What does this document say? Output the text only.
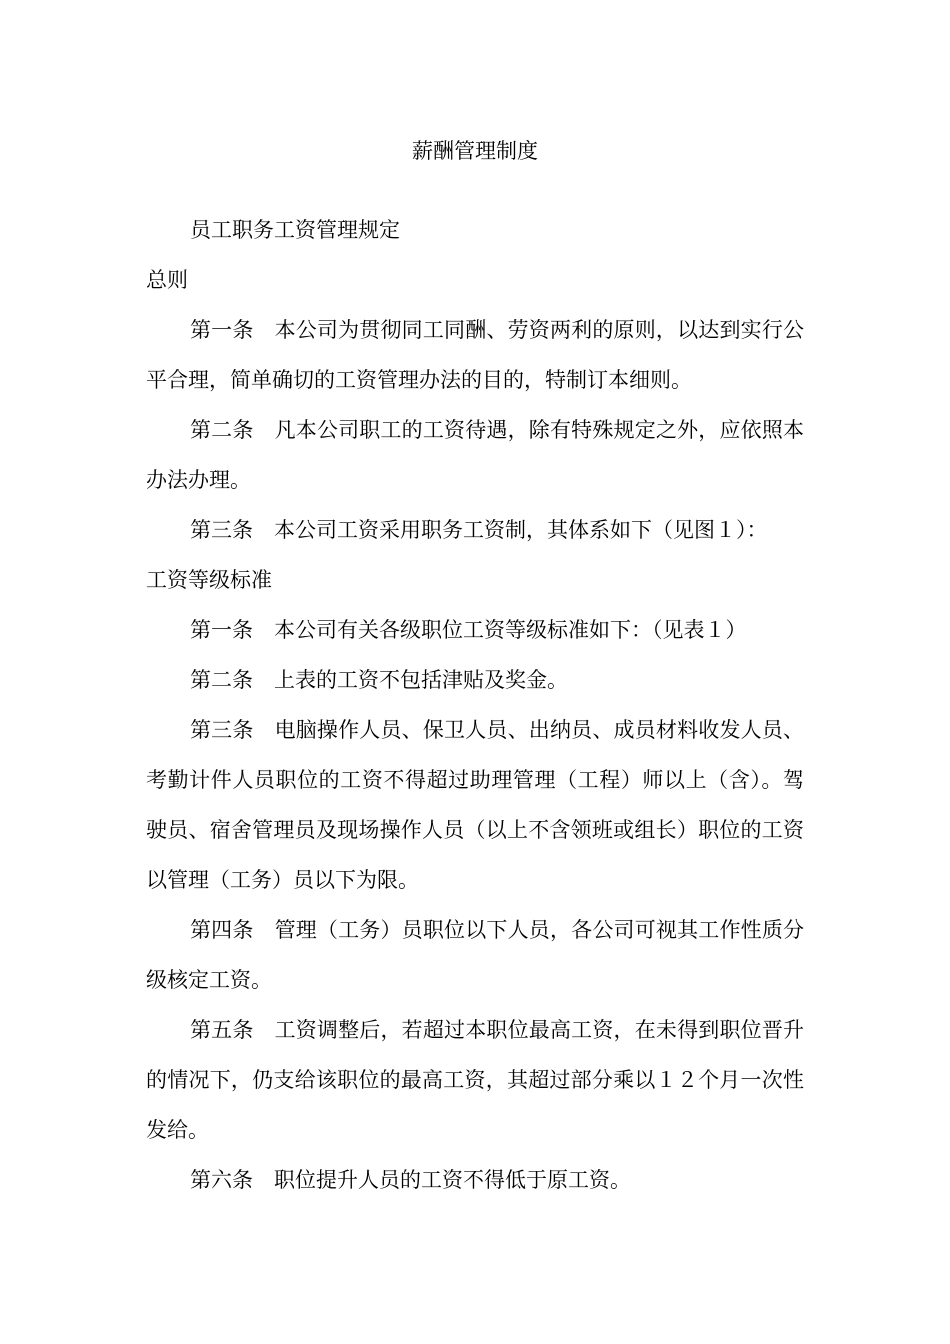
薪酬管理制度

员工职务工资管理规定

总则

第一条 本公司为贯彻同工同酬、劳资两利的原则，以达到实行公平合理，简单确切的工资管理办法的目的，特制订本细则。

第二条 凡本公司职工的工资待遇，除有特殊规定之外，应依照本办法办理。

第三条 本公司工资采用职务工资制，其体系如下（见图１）：

工资等级标准

第一条 本公司有关各级职位工资等级标准如下：（见表１）

第二条 上表的工资不包括津贴及奖金。

第三条 电脑操作人员、保卫人员、出纳员、成员材料收发人员、考勤计件人员职位的工资不得超过助理管理（工程）师以上（含）。驾驶员、宿舍管理员及现场操作人员（以上不含领班或组长）职位的工资以管理（工务）员以下为限。

第四条 管理（工务）员职位以下人员，各公司可视其工作性质分级核定工资。

第五条 工资调整后，若超过本职位最高工资，在未得到职位晋升的情况下，仍支给该职位的最高工资，其超过部分乘以１２个月一次性发给。

第六条 职位提升人员的工资不得低于原工资。
